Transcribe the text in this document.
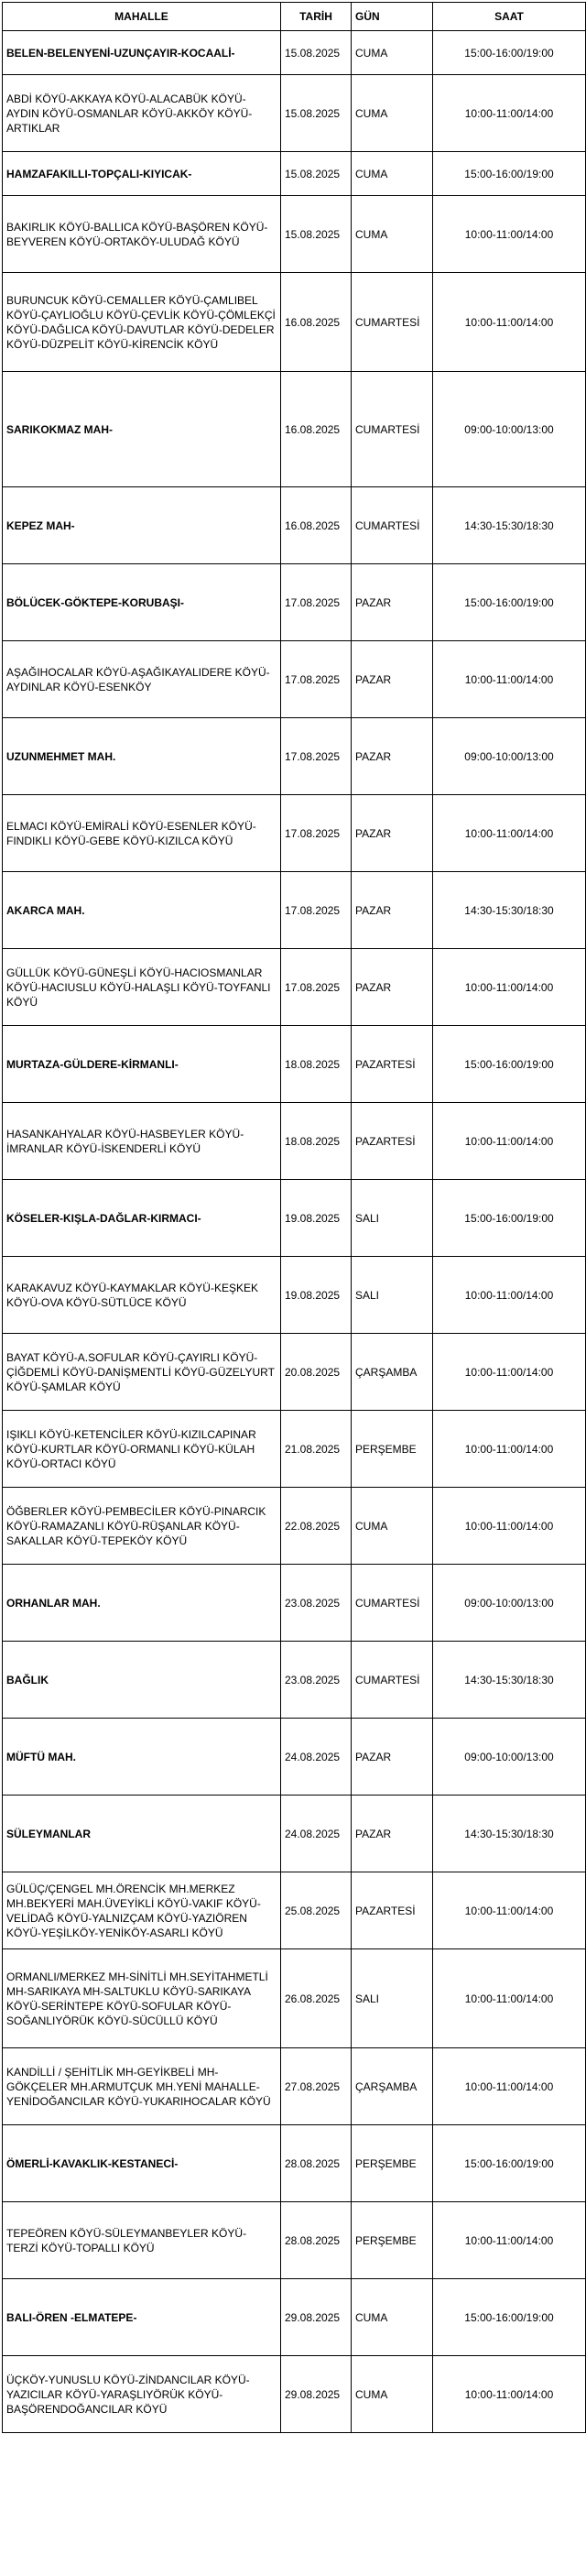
MAHALLE	TARİH	GÜN	SAAT
BELEN-BELENYENİ-UZUNÇAYIR-KOCAALİ-	15.08.2025	CUMA	15:00-16:00/19:00
ABDİ KÖYÜ-AKKAYA KÖYÜ-ALACABÜK KÖYÜ-AYDIN KÖYÜ-OSMANLAR KÖYÜ-AKKÖY KÖYÜ-ARTIKLAR	15.08.2025	CUMA	10:00-11:00/14:00
HAMZAFAKILLI-TOPÇALI-KIYICAK-	15.08.2025	CUMA	15:00-16:00/19:00
BAKIRLIK KÖYÜ-BALLICA KÖYÜ-BAŞÖREN KÖYÜ-BEYVEREN KÖYÜ-ORTAKÖY-ULUDAĞ KÖYÜ	15.08.2025	CUMA	10:00-11:00/14:00
BURUNCUK KÖYÜ-CEMALLER KÖYÜ-ÇAMLIBEL KÖYÜ-ÇAYLIOĞLU KÖYÜ-ÇEVLİK KÖYÜ-ÇÖMLEKÇİ KÖYÜ-DAĞLICA KÖYÜ-DAVUTLAR KÖYÜ-DEDELER KÖYÜ-DÜZPELİT KÖYÜ-KİRENCİK KÖYÜ	16.08.2025	CUMARTESİ	10:00-11:00/14:00
SARIKOKMAZ MAH-	16.08.2025	CUMARTESİ	09:00-10:00/13:00
KEPEZ MAH-	16.08.2025	CUMARTESİ	14:30-15:30/18:30
BÖLÜCEK-GÖKTEPE-KORUBAŞI-	17.08.2025	PAZAR	15:00-16:00/19:00
AŞAĞIHOCALAR KÖYÜ-AŞAĞIKAYALIDERE KÖYÜ-AYDINLAR KÖYÜ-ESENKÖY	17.08.2025	PAZAR	10:00-11:00/14:00
UZUNMEHMET MAH.	17.08.2025	PAZAR	09:00-10:00/13:00
ELMACI KÖYÜ-EMİRALİ KÖYÜ-ESENLER KÖYÜ-FINDIKLI KÖYÜ-GEBE KÖYÜ-KIZILCA KÖYÜ	17.08.2025	PAZAR	10:00-11:00/14:00
AKARCA MAH.	17.08.2025	PAZAR	14:30-15:30/18:30
GÜLLÜK KÖYÜ-GÜNEŞLİ KÖYÜ-HACIOSMANLAR KÖYÜ-HACIUSLU KÖYÜ-HALAŞLI KÖYÜ-TOYFANLI KÖYÜ	17.08.2025	PAZAR	10:00-11:00/14:00
MURTAZA-GÜLDERE-KİRMANLI-	18.08.2025	PAZARTESİ	15:00-16:00/19:00
HASANKAHYALAR KÖYÜ-HASBEYLER KÖYÜ-İMRANLAR KÖYÜ-İSKENDERLİ KÖYÜ	18.08.2025	PAZARTESİ	10:00-11:00/14:00
KÖSELER-KIŞLA-DAĞLAR-KIRMACI-	19.08.2025	SALI	15:00-16:00/19:00
KARAKAVUZ KÖYÜ-KAYMAKLAR KÖYÜ-KEŞKEK KÖYÜ-OVA KÖYÜ-SÜTLÜCE KÖYÜ	19.08.2025	SALI	10:00-11:00/14:00
BAYAT KÖYÜ-A.SOFULAR KÖYÜ-ÇAYIRLI KÖYÜ-ÇİĞDEMLİ KÖYÜ-DANİŞMENTLİ KÖYÜ-GÜZELYURT KÖYÜ-ŞAMLAR KÖYÜ	20.08.2025	ÇARŞAMBA	10:00-11:00/14:00
IŞIKLI KÖYÜ-KETENCİLER KÖYÜ-KIZILCAPINAR KÖYÜ-KURTLAR KÖYÜ-ORMANLI KÖYÜ-KÜLAH KÖYÜ-ORTACI KÖYÜ	21.08.2025	PERŞEMBE	10:00-11:00/14:00
ÖĞBERLER KÖYÜ-PEMBECİLER KÖYÜ-PINARCIK KÖYÜ-RAMAZANLI KÖYÜ-RÜŞANLAR KÖYÜ-SAKALLAR KÖYÜ-TEPEKÖY KÖYÜ	22.08.2025	CUMA	10:00-11:00/14:00
ORHANLAR MAH.	23.08.2025	CUMARTESİ	09:00-10:00/13:00
BAĞLIK	23.08.2025	CUMARTESİ	14:30-15:30/18:30
MÜFTÜ MAH.	24.08.2025	PAZAR	09:00-10:00/13:00
SÜLEYMANLAR	24.08.2025	PAZAR	14:30-15:30/18:30
GÜLÜÇ/ÇENGEL MH.ÖRENCİK MH.MERKEZ MH.BEKYERİ MAH.ÜVEYİKLİ KÖYÜ-VAKIF KÖYÜ-VELİDAĞ KÖYÜ-YALNIZÇAM KÖYÜ-YAZIÖREN KÖYÜ-YEŞİLKÖY-YENİKÖY-ASARLI KÖYÜ	25.08.2025	PAZARTESİ	10:00-11:00/14:00
ORMANLI/MERKEZ MH-SİNİTLİ MH.SEYİTAHMETLİ MH-SARIKAYA MH-SALTUKLU KÖYÜ-SARIKAYA KÖYÜ-SERİNTEPE KÖYÜ-SOFULAR KÖYÜ-SOĞANLIYÖRÜK KÖYÜ-SÜCÜLLÜ KÖYÜ	26.08.2025	SALI	10:00-11:00/14:00
KANDİLLİ / ŞEHİTLİK MH-GEYİKBELİ MH-GÖKÇELER MH.ARMUTÇUK MH.YENİ MAHALLE-YENİDOĞANCILAR KÖYÜ-YUKARIHOCALAR KÖYÜ	27.08.2025	ÇARŞAMBA	10:00-11:00/14:00
ÖMERLİ-KAVAKLIK-KESTANECİ-	28.08.2025	PERŞEMBE	15:00-16:00/19:00
TEPEÖREN KÖYÜ-SÜLEYMANBEYLER KÖYÜ-TERZİ KÖYÜ-TOPALLI KÖYÜ	28.08.2025	PERŞEMBE	10:00-11:00/14:00
BALI-ÖREN -ELMATEPE-	29.08.2025	CUMA	15:00-16:00/19:00
ÜÇKÖY-YUNUSLU KÖYÜ-ZİNDANCILAR KÖYÜ-YAZICILAR KÖYÜ-YARAŞLIYÖRÜK KÖYÜ-BAŞÖRENDOĞANCILAR KÖYÜ	29.08.2025	CUMA	10:00-11:00/14:00
